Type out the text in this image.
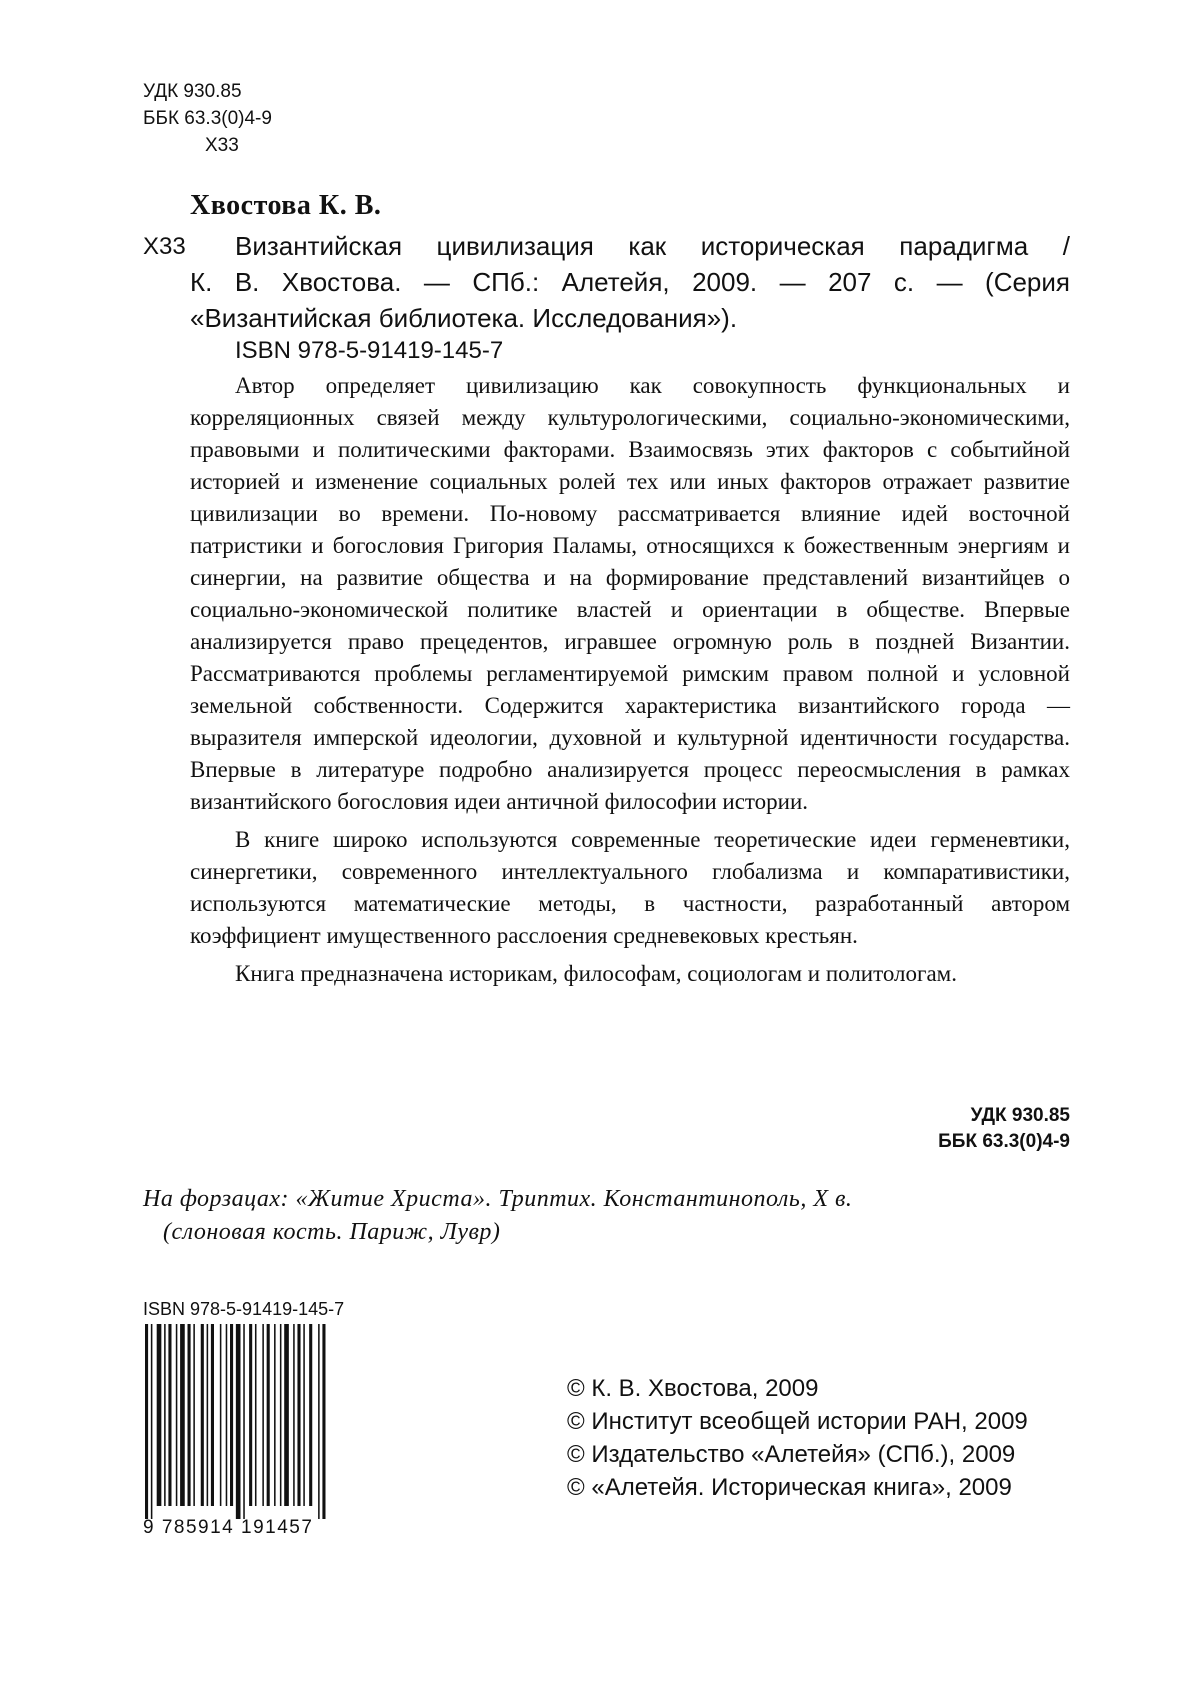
УДК 930.85
ББК 63.3(0)4-9
Х33
Хвостова К. В.
Х33	Византийская цивилизация как историческая парадигма /
К. В. Хвостова. — СПб.: Алетейя, 2009. — 207 с. — (Серия
«Византийская библиотека. Исследования»).
ISBN 978-5-91419-145-7

Автор определяет цивилизацию как совокупность функциональных и корреляционных связей между культурологическими, социально-экономическими, правовыми и политическими факторами. Взаимосвязь этих факторов с событийной историей и изменение социальных ролей тех или иных факторов отражает развитие цивилизации во времени. По-новому рассматривается влияние идей восточной патристики и бого­словия Григория Паламы, относящихся к божественным энергиям и синергии, на развитие общества и на формирование представлений ви­зантийцев о социально-экономической политике властей и ориентации в обществе. Впервые анализируется право прецедентов, игравшее огром­ную роль в поздней Византии. Рассматриваются проблемы регламенти­руемой римским правом полной и условной земельной собственности. Содержится характеристика византийского города — выразителя им­перской идеологии, духовной и культурной идентичности государства. Впервые в литературе подробно анализируется процесс переосмысления в рамках византийского богословия идеи античной философии истории.

В книге широко используются современные теоретические идеи гер­меневтики, синергетики, современного интеллектуального глобализма и компаративистики, используются математические методы, в частно­сти, разработанный автором коэффициент имущественного расслоения средневековых крестьян.

Книга предназначена историкам, философам, социологам и поли­тологам.

УДК 930.85
ББК 63.3(0)4-9
На форзацах: «Житие Христа». Триптих. Константинополь, X в.
(слоновая кость. Париж, Лувр)
ISBN 978-5-91419-145-7
9 785914 191457
© К. В. Хвостова, 2009
© Институт всеобщей истории РАН, 2009
© Издательство «Алетейя» (СПб.), 2009
© «Алетейя. Историческая книга», 2009
